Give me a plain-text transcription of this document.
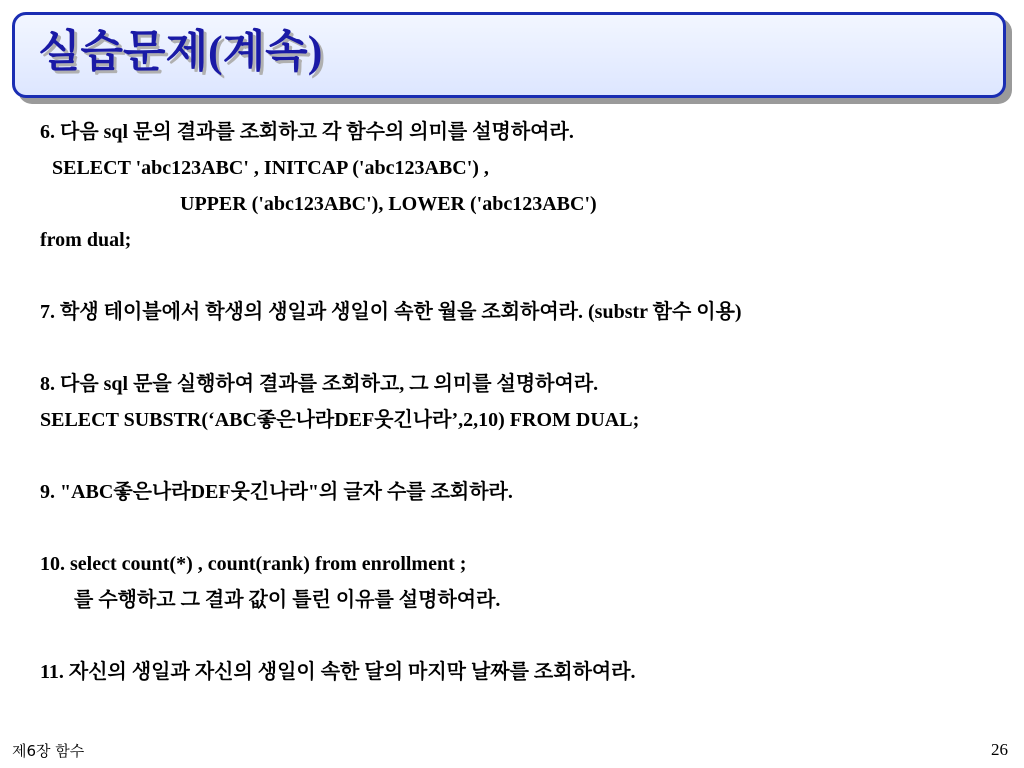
실습문제(계속)
6. 다음 sql 문의 결과를 조회하고 각 함수의 의미를 설명하여라.
SELECT 'abc123ABC' , INITCAP ('abc123ABC') ,
UPPER ('abc123ABC'), LOWER ('abc123ABC')
from dual;
7. 학생 테이블에서 학생의 생일과 생일이 속한 월을 조회하여라. (substr 함수 이용)
8. 다음 sql 문을 실행하여 결과를 조회하고, 그 의미를 설명하여라.
SELECT SUBSTR(‘ABC좋은나라DEF웃긴나라’,2,10) FROM DUAL;
9. "ABC좋은나라DEF웃긴나라"의 글자 수를 조회하라.
10. select count(*) , count(rank) from enrollment ;
를 수행하고 그 결과 값이 틀린 이유를 설명하여라.
11. 자신의 생일과 자신의 생일이 속한 달의 마지막 날짜를 조회하여라.
제6장 함수	26
